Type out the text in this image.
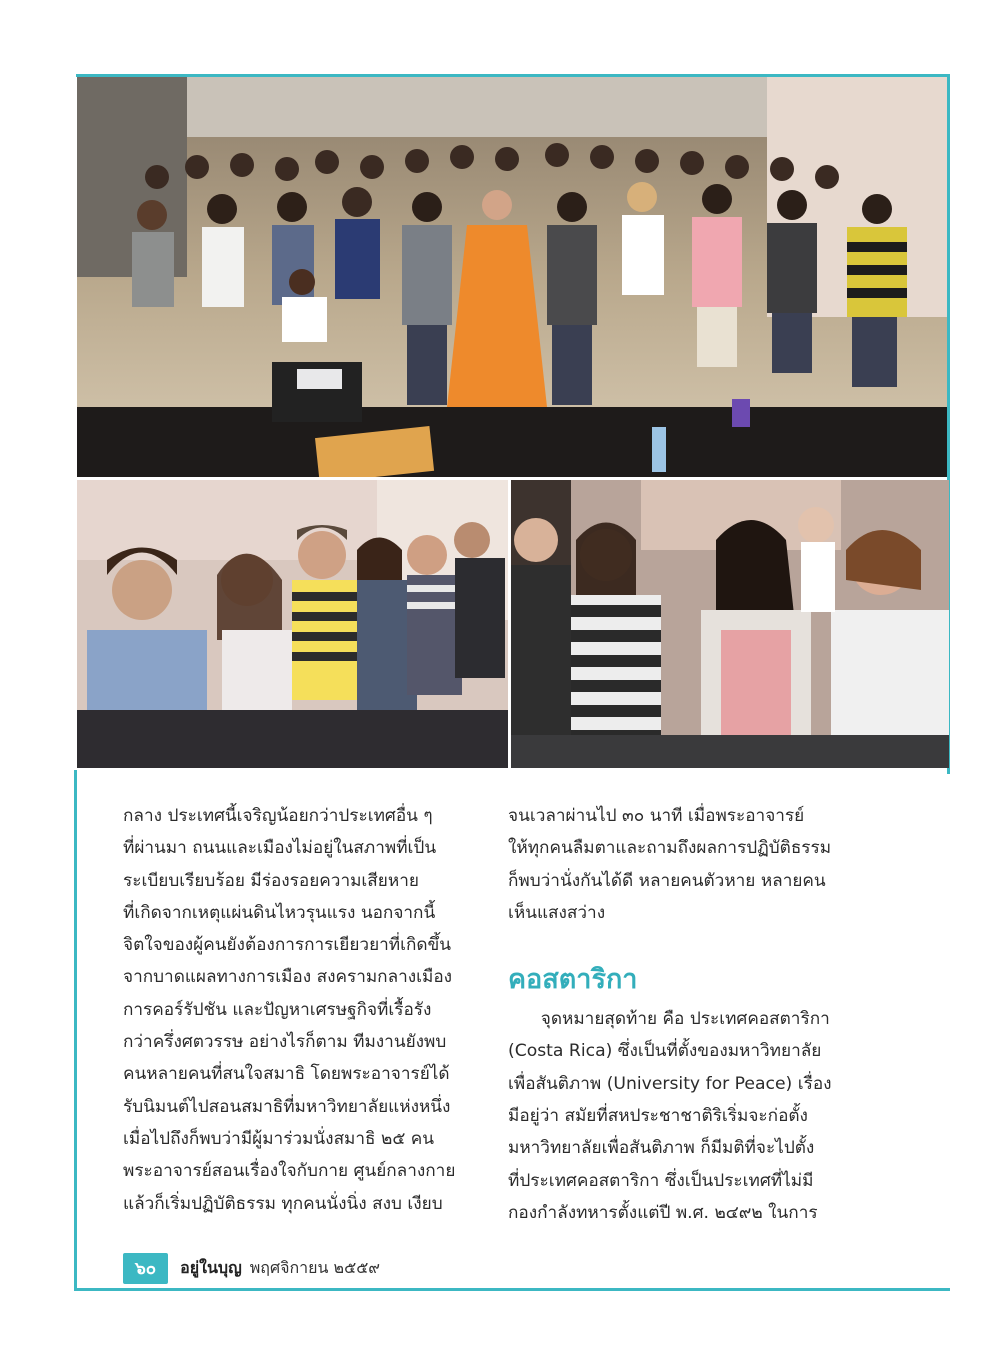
กลาง ประเทศนี้เจริญน้อยกว่าประเทศอื่น ๆ

ที่ผ่านมา ถนนและเมืองไม่อยู่ในสภาพที่เป็น

ระเบียบเรียบร้อย มีร่องรอยความเสียหาย

ที่เกิดจากเหตุแผ่นดินไหวรุนแรง นอกจากนี้

จิตใจของผู้คนยังต้องการการเยียวยาที่เกิดขึ้น

จากบาดแผลทางการเมือง สงครามกลางเมือง

การคอร์รัปชัน และปัญหาเศรษฐกิจที่เรื้อรัง

กว่าครึ่งศตวรรษ อย่างไรก็ตาม ทีมงานยังพบ

คนหลายคนที่สนใจสมาธิ โดยพระอาจารย์ได้

รับนิมนต์ไปสอนสมาธิที่มหาวิทยาลัยแห่งหนึ่ง

เมื่อไปถึงก็พบว่ามีผู้มาร่วมนั่งสมาธิ ๒๕ คน

พระอาจารย์สอนเรื่องใจกับกาย ศูนย์กลางกาย

แล้วก็เริ่มปฏิบัติธรรม ทุกคนนั่งนิ่ง สงบ เงียบ

จนเวลาผ่านไป ๓๐ นาที เมื่อพระอาจารย์

ให้ทุกคนลืมตาและถามถึงผลการปฏิบัติธรรม

ก็พบว่านั่งกันได้ดี หลายคนตัวหาย หลายคน

เห็นแสงสว่าง

คอสตาริกา

จุดหมายสุดท้าย คือ ประเทศคอสตาริกา

(Costa Rica) ซึ่งเป็นที่ตั้งของมหาวิทยาลัย

เพื่อสันติภาพ (University for Peace) เรื่อง

มีอยู่ว่า สมัยที่สหประชาชาติริเริ่มจะก่อตั้ง

มหาวิทยาลัยเพื่อสันติภาพ ก็มีมติที่จะไปตั้ง

ที่ประเทศคอสตาริกา ซึ่งเป็นประเทศที่ไม่มี

กองกำลังทหารตั้งแต่ปี พ.ศ. ๒๔๙๒ ในการ

๖๐	อยู่ในบุญ พฤศจิกายน ๒๕๕๙
